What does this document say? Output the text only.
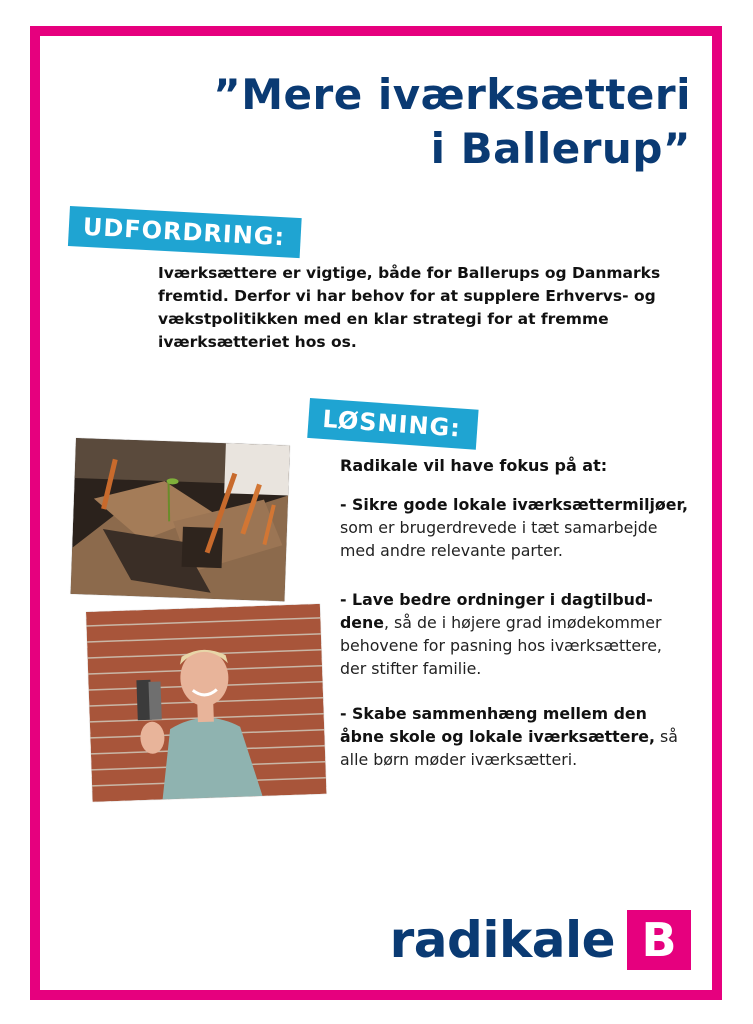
”Mere iværksætteri
i Ballerup”
UDFORDRING:
Iværksættere er vigtige, både for Ballerups og Danmarks fremtid. Derfor vi har behov for at supplere Erhvervs- og vækstpolitikken med en klar strategi for at fremme iværksætteriet hos os.
LØSNING:
Radikale vil have fokus på at:
- Sikre gode lokale iværksættermiljøer, som er brugerdrevede i tæt samarbejde med andre relevante parter.
- Lave bedre ordninger i dagtilbuddene, så de i højere grad imødekommer behovene for pasning hos iværksættere, der stifter familie.
- Skabe sammenhæng mellem den åbne skole og lokale iværksættere, så alle børn møder iværksætteri.
radikale B
